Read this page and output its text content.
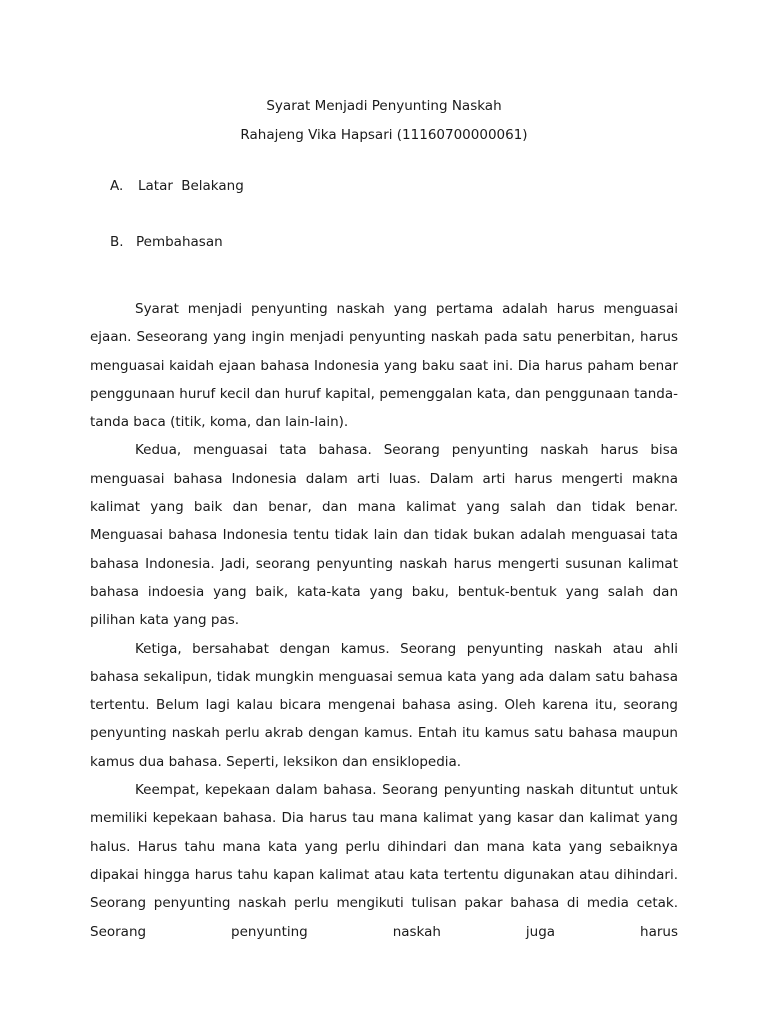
Syarat Menjadi Penyunting Naskah
Rahajeng Vika Hapsari (11160700000061)
A. Latar Belakang
B. Pembahasan

Syarat menjadi penyunting naskah yang pertama adalah harus menguasai ejaan. Seseorang yang ingin menjadi penyunting naskah pada satu penerbitan, harus menguasai kaidah ejaan bahasa Indonesia yang baku saat ini. Dia harus paham benar penggunaan huruf kecil dan huruf kapital, pemenggalan kata, dan penggunaan tanda-tanda baca (titik, koma, dan lain-lain).

Kedua, menguasai tata bahasa. Seorang penyunting naskah harus bisa menguasai bahasa Indonesia dalam arti luas. Dalam arti harus mengerti makna kalimat yang baik dan benar, dan mana kalimat yang salah dan tidak benar. Menguasai bahasa Indonesia tentu tidak lain dan tidak bukan adalah menguasai tata bahasa Indonesia. Jadi, seorang penyunting naskah harus mengerti susunan kalimat bahasa indoesia yang baik, kata-kata yang baku, bentuk-bentuk yang salah dan pilihan kata yang pas.

Ketiga, bersahabat dengan kamus. Seorang penyunting naskah atau ahli bahasa sekalipun, tidak mungkin menguasai semua kata yang ada dalam satu bahasa tertentu. Belum lagi kalau bicara mengenai bahasa asing. Oleh karena itu, seorang penyunting naskah perlu akrab dengan kamus. Entah itu kamus satu bahasa maupun kamus dua bahasa. Seperti, leksikon dan ensiklopedia.

Keempat, kepekaan dalam bahasa. Seorang penyunting naskah dituntut untuk memiliki kepekaan bahasa. Dia harus tau mana kalimat yang kasar dan kalimat yang halus. Harus tahu mana kata yang perlu dihindari dan mana kata yang sebaiknya dipakai hingga harus tahu kapan kalimat atau kata tertentu digunakan atau dihindari. Seorang penyunting naskah perlu mengikuti tulisan pakar bahasa di media cetak. Seorang penyunting naskah juga harus
